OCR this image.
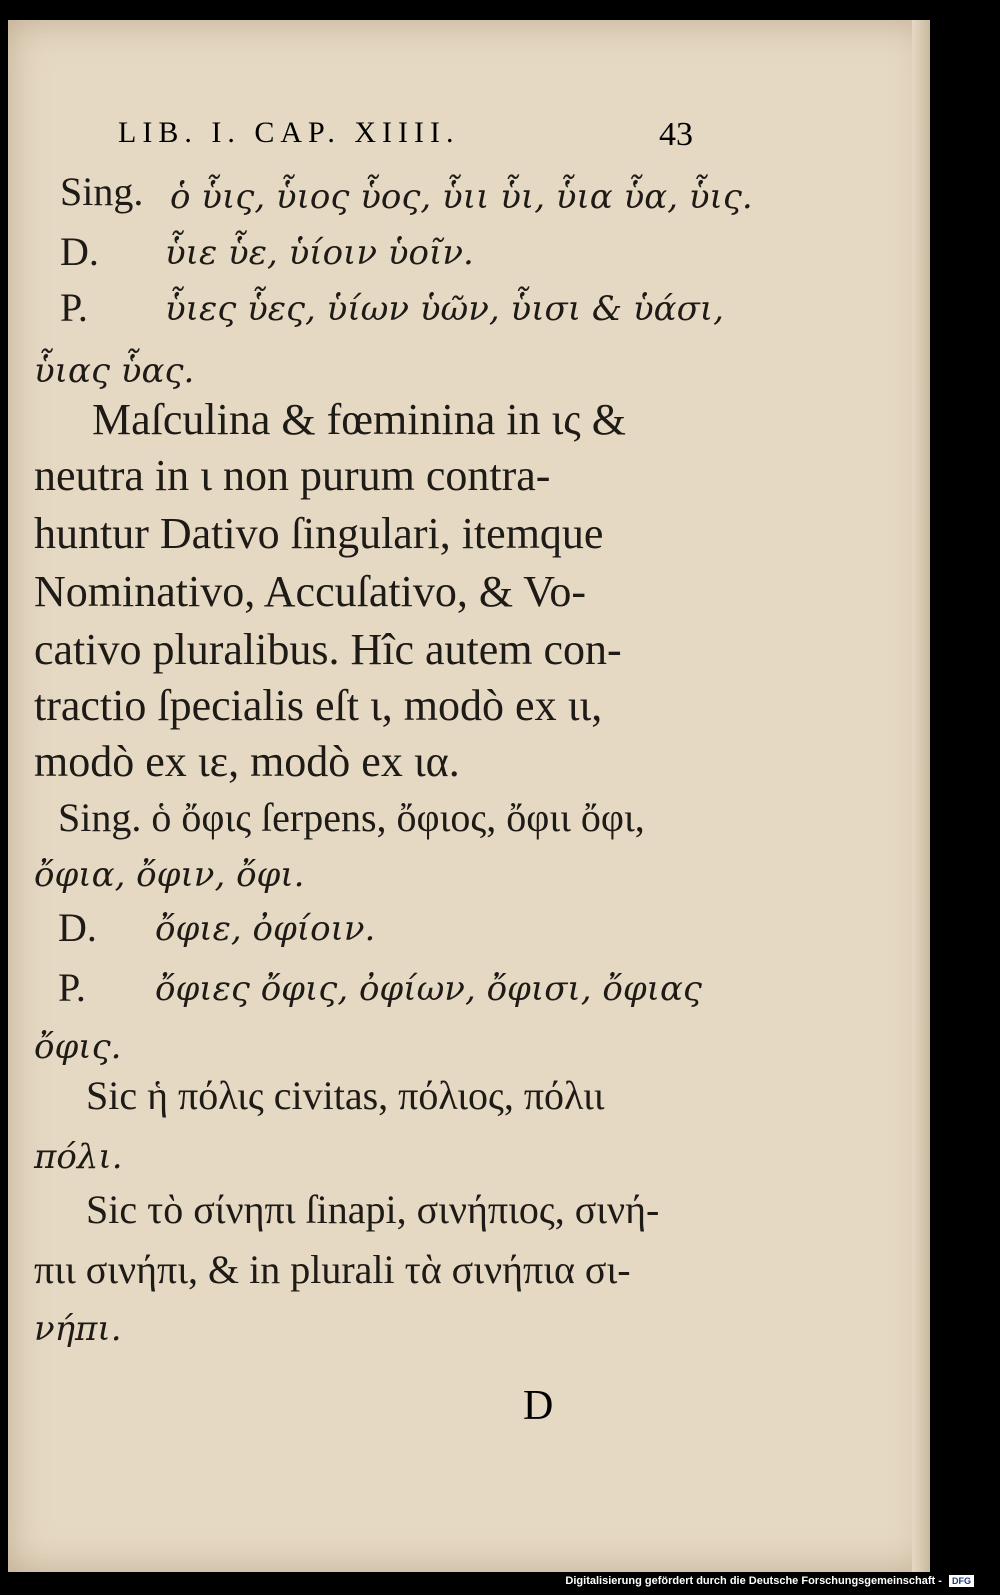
LIB. I. CAP. XIIII.	43
Sing. ὁ ὗις, ὗιος ὗος, ὗιι ὗι, ὗια ὗα, ὗις.
D. ὗιε ὗε, ὑίοιν ὑοῖν.
P. ὗιες ὗες, ὑίων ὑῶν, ὗισι & ὑάσι,
ὗιας ὗας.
Maſculina & fœminina in ις &
neutra in ι non purum contra-
huntur Dativo ſingulari, itemque
Nominativo, Accuſativo, & Vo-
cativo pluralibus. Hîc autem con-
tractio ſpecialis eſt ι, modò ex ιι,
modò ex ιε, modò ex ια.
Sing. ὁ ὄφις ſerpens, ὄφιος, ὄφιι ὄφι,
ὄφια, ὄφιν, ὄφι.
D. ὄφιε, ὀφίοιν.
P. ὄφιες ὄφις, ὀφίων, ὄφισι, ὄφιας
ὄφις.
Sic ἡ πόλις civitas, πόλιος, πόλιι
πόλι.
Sic τὸ σίνηπι ſinapi, σινήπιος, σινή-
πιι σινήπι, & in plurali τὰ σινήπια σι-
νήπι.
D
Digitalisierung gefördert durch die Deutsche Forschungsgemeinschaft - DFG
